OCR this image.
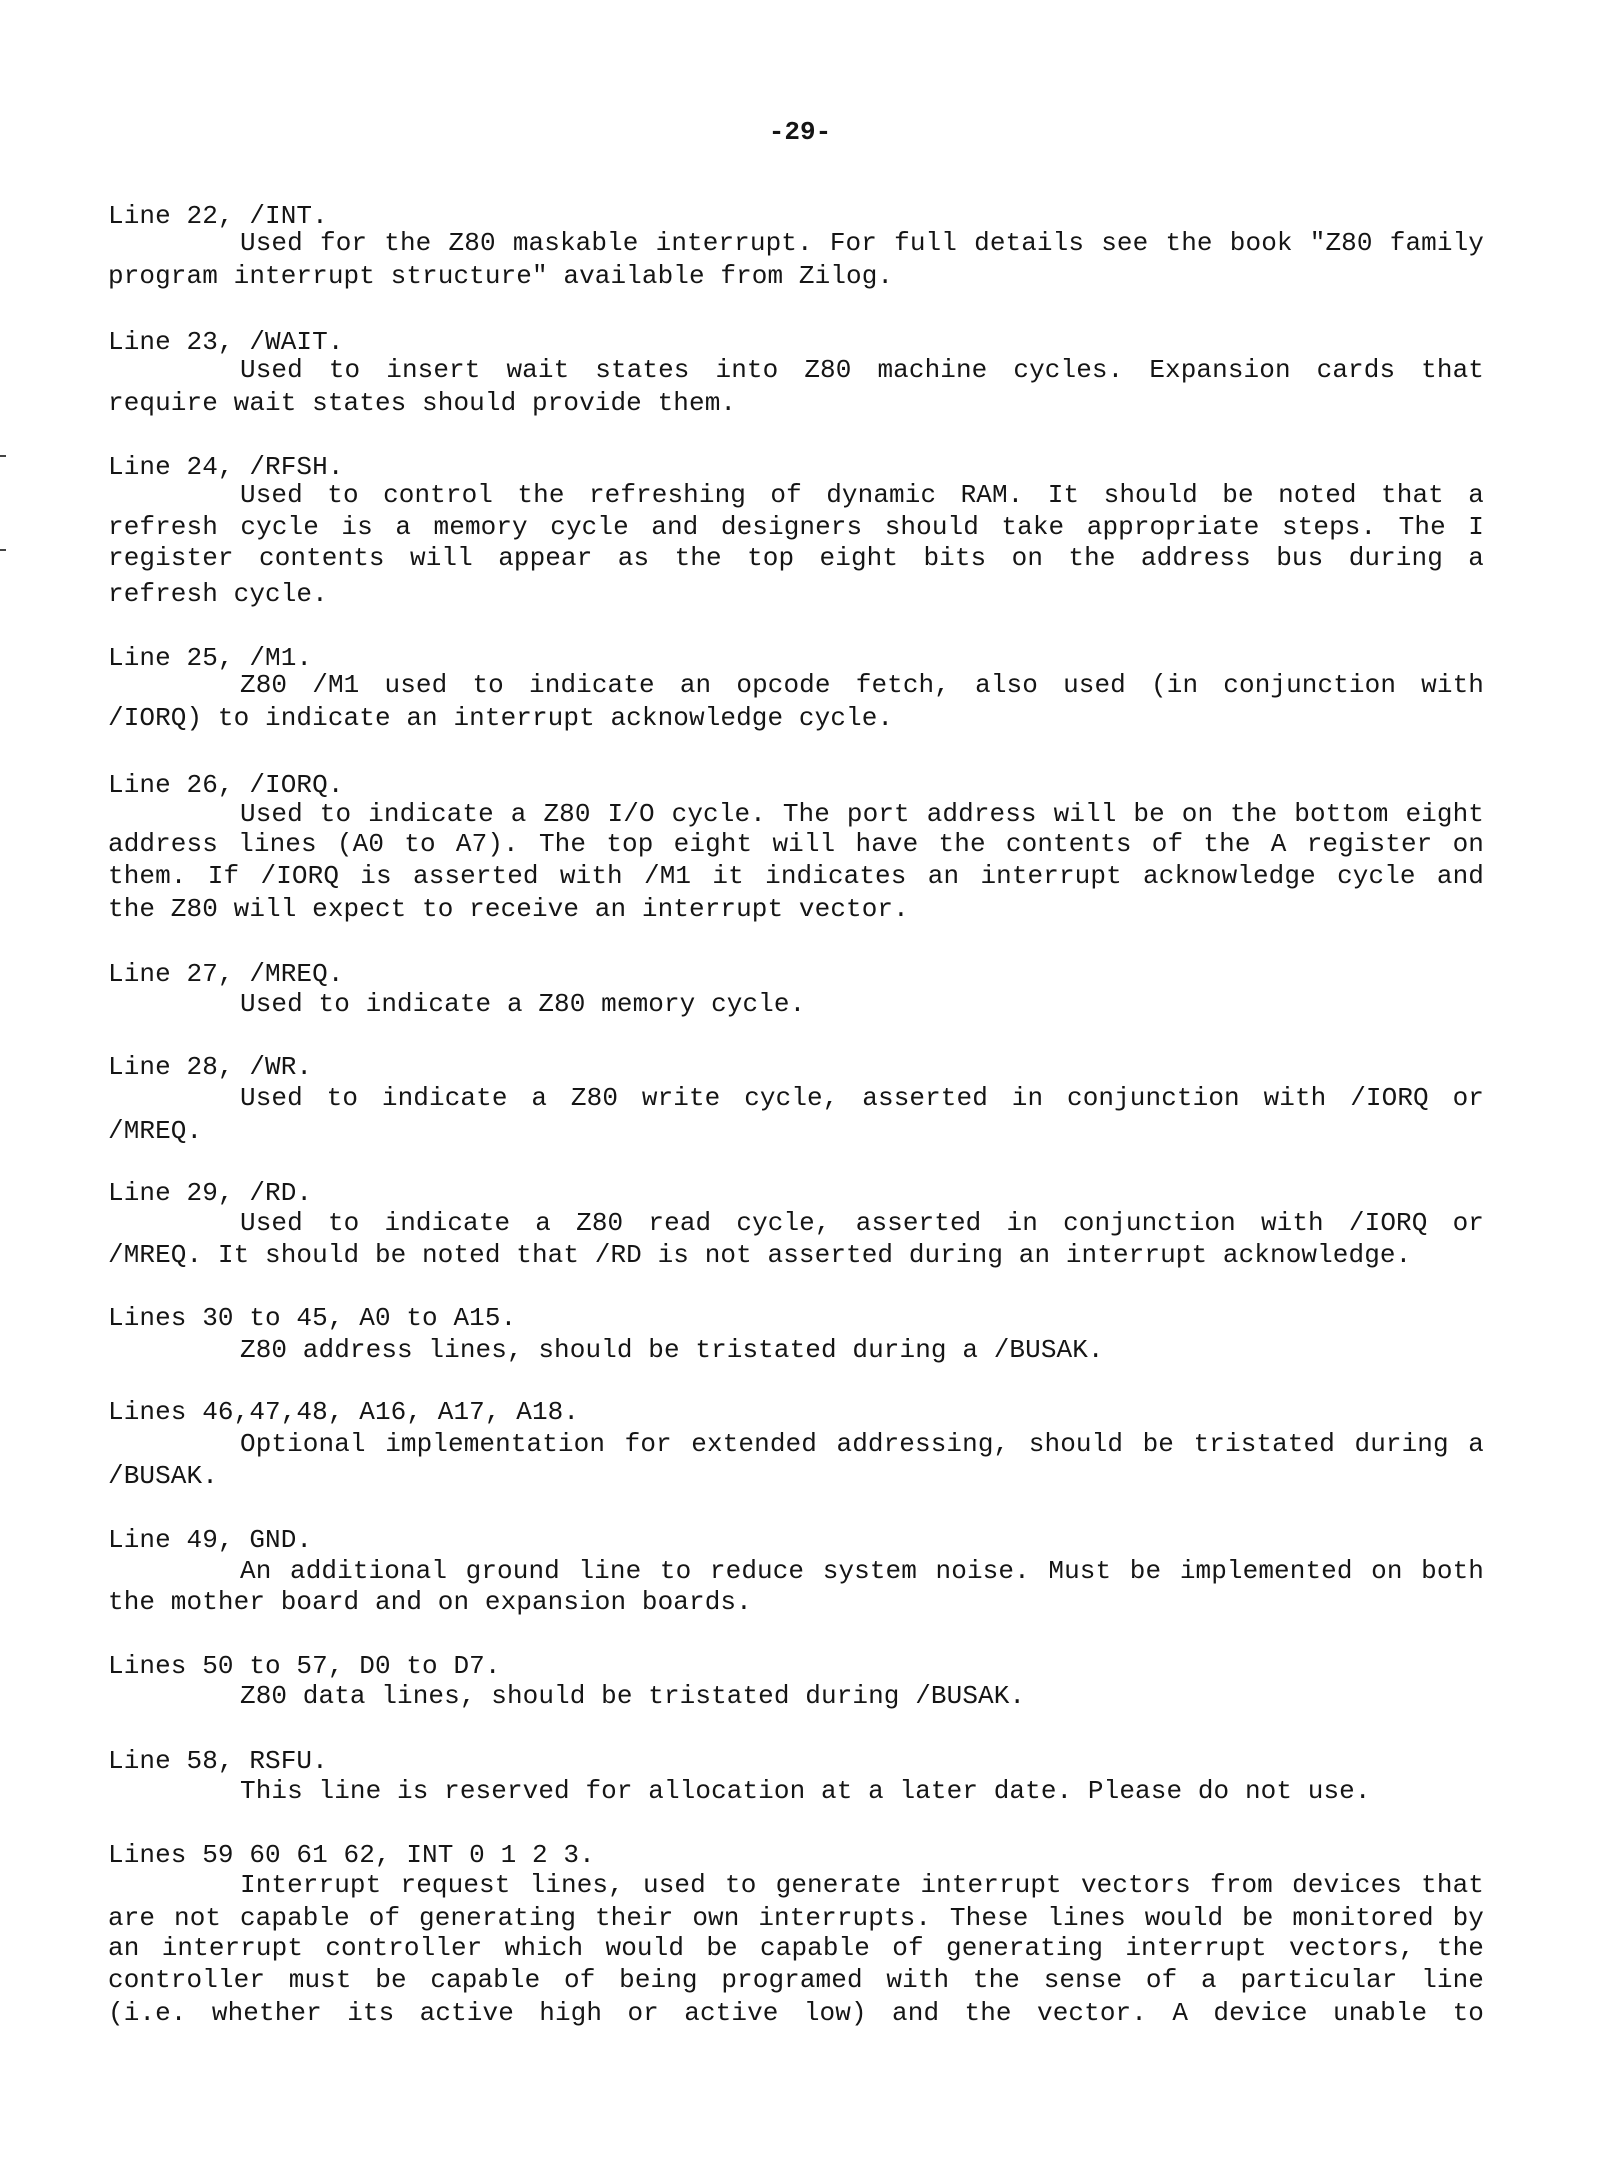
-29-
Line 22, /INT.
Used for the Z80 maskable interrupt. For full details see the book "Z80 family
program interrupt structure" available from Zilog.
Line 23, /WAIT.
Used to insert wait states into Z80 machine cycles. Expansion cards that
require wait states should provide them.
Line 24, /RFSH.
Used to control the refreshing of dynamic RAM. It should be noted that a
refresh cycle is a memory cycle and designers should take appropriate steps. The I
register contents will appear as the top eight bits on the address bus during a
refresh cycle.
Line 25, /M1.
Z80 /M1 used to indicate an opcode fetch, also used (in conjunction with
/IORQ) to indicate an interrupt acknowledge cycle.
Line 26, /IORQ.
Used to indicate a Z80 I/O cycle. The port address will be on the bottom eight
address lines (A0 to A7). The top eight will have the contents of the A register on
them. If /IORQ is asserted with /M1 it indicates an interrupt acknowledge cycle and
the Z80 will expect to receive an interrupt vector.
Line 27, /MREQ.
Used to indicate a Z80 memory cycle.
Line 28, /WR.
Used to indicate a Z80 write cycle, asserted in conjunction with /IORQ or
/MREQ.
Line 29, /RD.
Used to indicate a Z80 read cycle, asserted in conjunction with /IORQ or
/MREQ. It should be noted that /RD is not asserted during an interrupt acknowledge.
Lines 30 to 45, A0 to A15.
Z80 address lines, should be tristated during a /BUSAK.
Lines 46,47,48, A16, A17, A18.
Optional implementation for extended addressing, should be tristated during a
/BUSAK.
Line 49, GND.
An additional ground line to reduce system noise. Must be implemented on both
the mother board and on expansion boards.
Lines 50 to 57, D0 to D7.
Z80 data lines, should be tristated during /BUSAK.
Line 58, RSFU.
This line is reserved for allocation at a later date. Please do not use.
Lines 59 60 61 62, INT 0 1 2 3.
Interrupt request lines, used to generate interrupt vectors from devices that
are not capable of generating their own interrupts. These lines would be monitored by
an interrupt controller which would be capable of generating interrupt vectors, the
controller must be capable of being programed with the sense of a particular line
(i.e. whether its active high or active low) and the vector. A device unable to
